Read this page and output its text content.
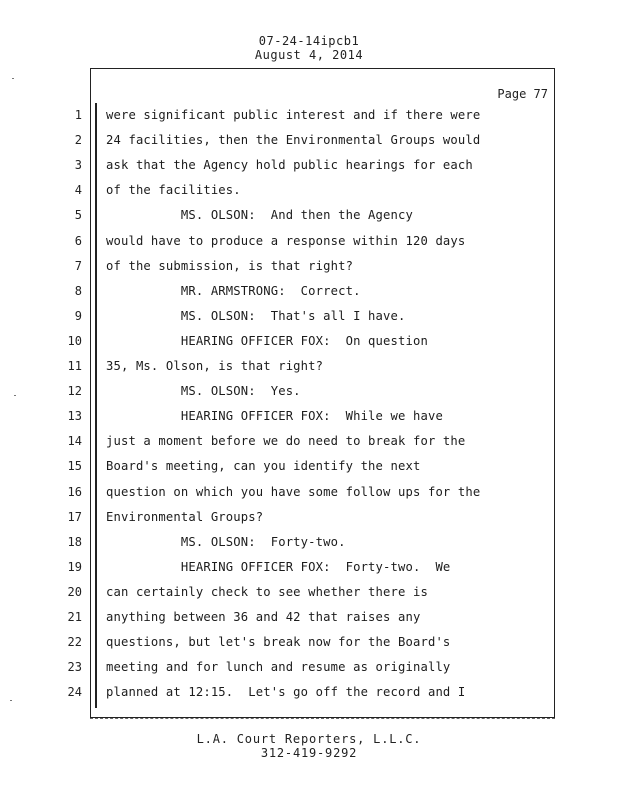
07-24-14ipcb1
August 4, 2014
Page 77
1 were significant public interest and if there were
2 24 facilities, then the Environmental Groups would
3 ask that the Agency hold public hearings for each
4 of the facilities.
5 MS. OLSON:  And then the Agency
6 would have to produce a response within 120 days
7 of the submission, is that right?
8 MR. ARMSTRONG:  Correct.
9 MS. OLSON:  That's all I have.
10 HEARING OFFICER FOX:  On question
11 35, Ms. Olson, is that right?
12 MS. OLSON:  Yes.
13 HEARING OFFICER FOX:  While we have
14 just a moment before we do need to break for the
15 Board's meeting, can you identify the next
16 question on which you have some follow ups for the
17 Environmental Groups?
18 MS. OLSON:  Forty-two.
19 HEARING OFFICER FOX:  Forty-two.  We
20 can certainly check to see whether there is
21 anything between 36 and 42 that raises any
22 questions, but let's break now for the Board's
23 meeting and for lunch and resume as originally
24 planned at 12:15.  Let's go off the record and I
L.A. Court Reporters, L.L.C.
312-419-9292
